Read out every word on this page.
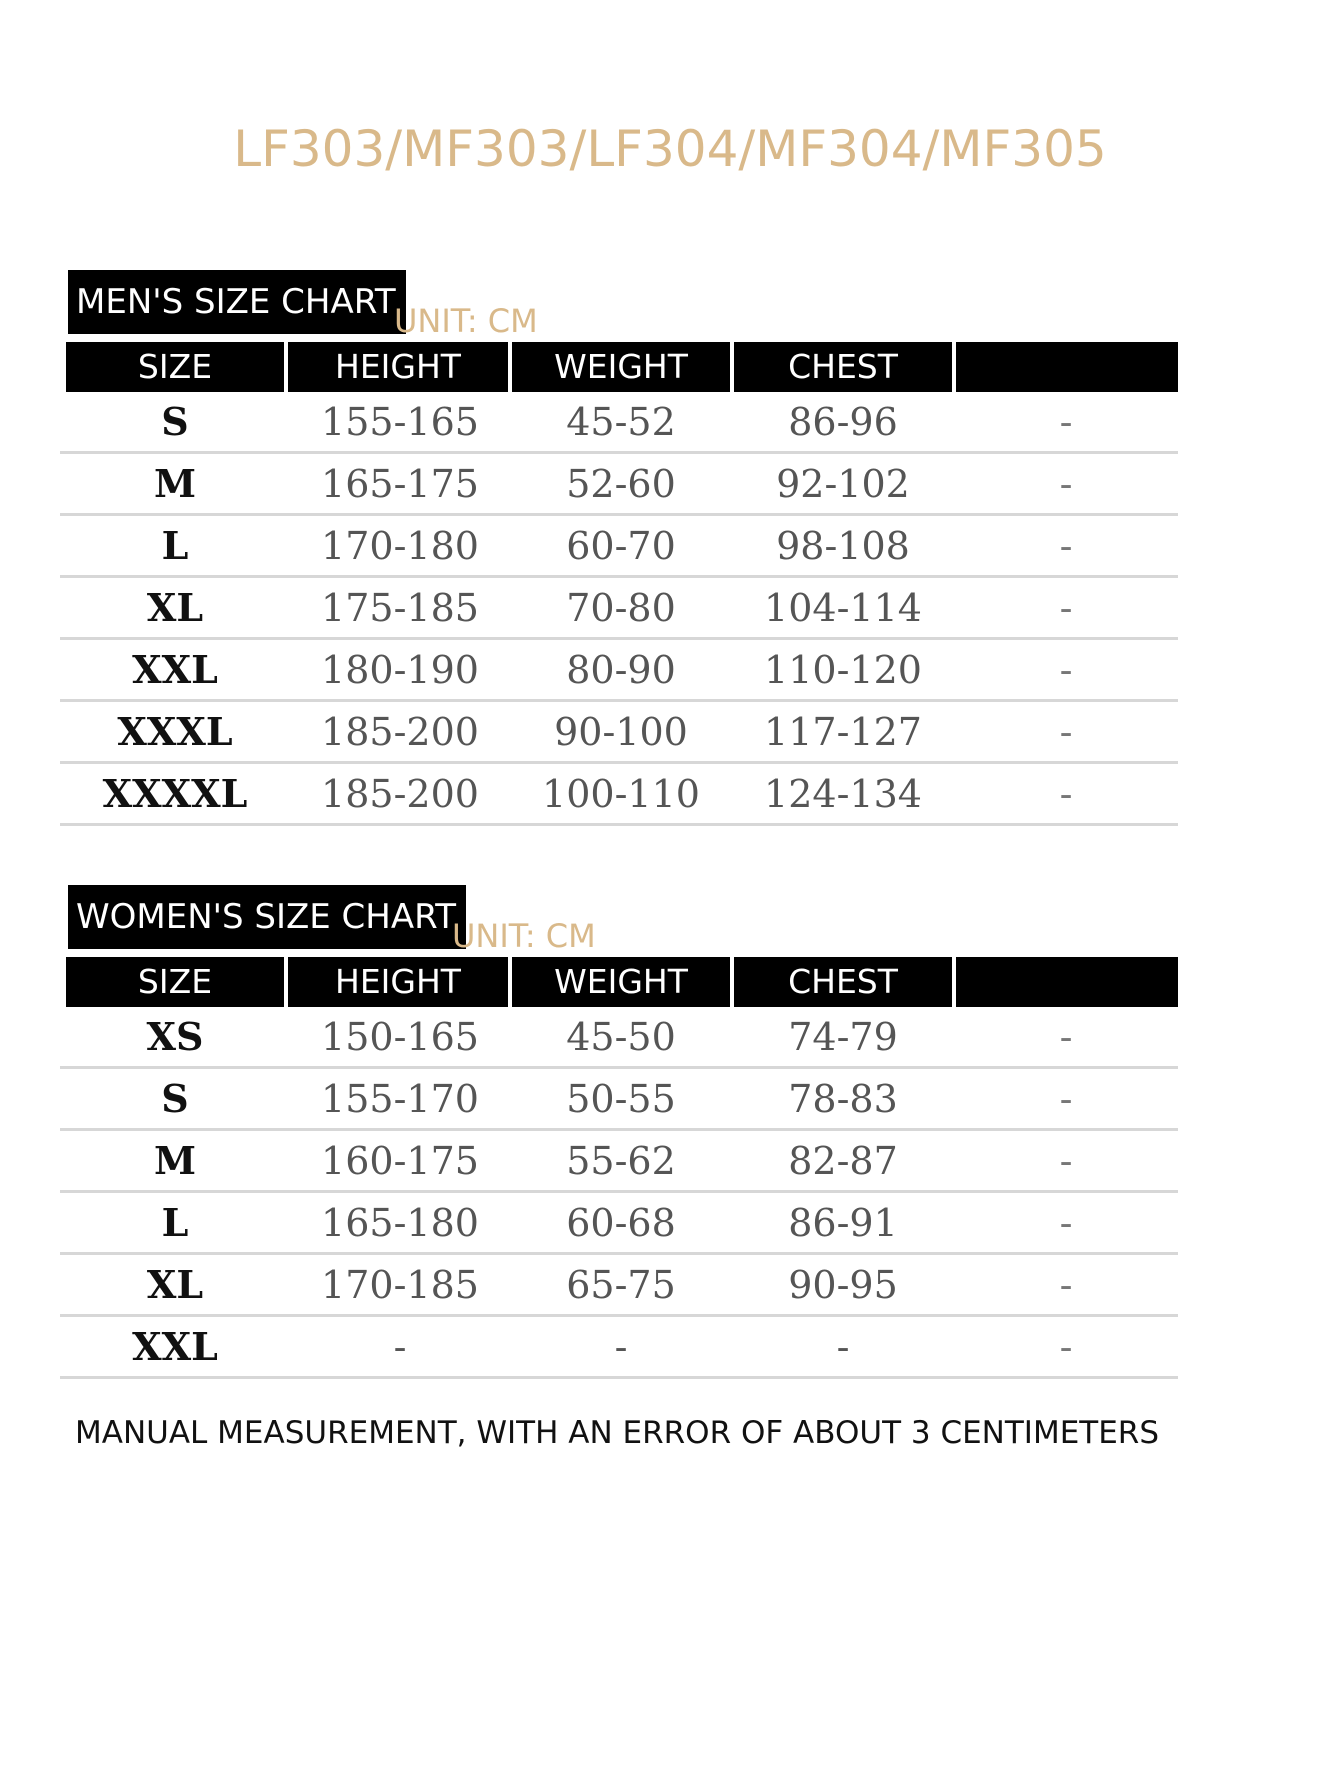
LF303/MF303/LF304/MF304/MF305
MEN'S SIZE CHART
UNIT: CM
SIZE	HEIGHT	WEIGHT	CHEST
S	155-165	45-52	86-96	-
M	165-175	52-60	92-102	-
L	170-180	60-70	98-108	-
XL	175-185	70-80	104-114	-
XXL	180-190	80-90	110-120	-
XXXL	185-200	90-100	117-127	-
XXXXL	185-200	100-110	124-134	-
WOMEN'S SIZE CHART
UNIT: CM
SIZE	HEIGHT	WEIGHT	CHEST
XS	150-165	45-50	74-79	-
S	155-170	50-55	78-83	-
M	160-175	55-62	82-87	-
L	165-180	60-68	86-91	-
XL	170-185	65-75	90-95	-
XXL	-	-	-	-
MANUAL MEASUREMENT, WITH AN ERROR OF ABOUT 3 CENTIMETERS
